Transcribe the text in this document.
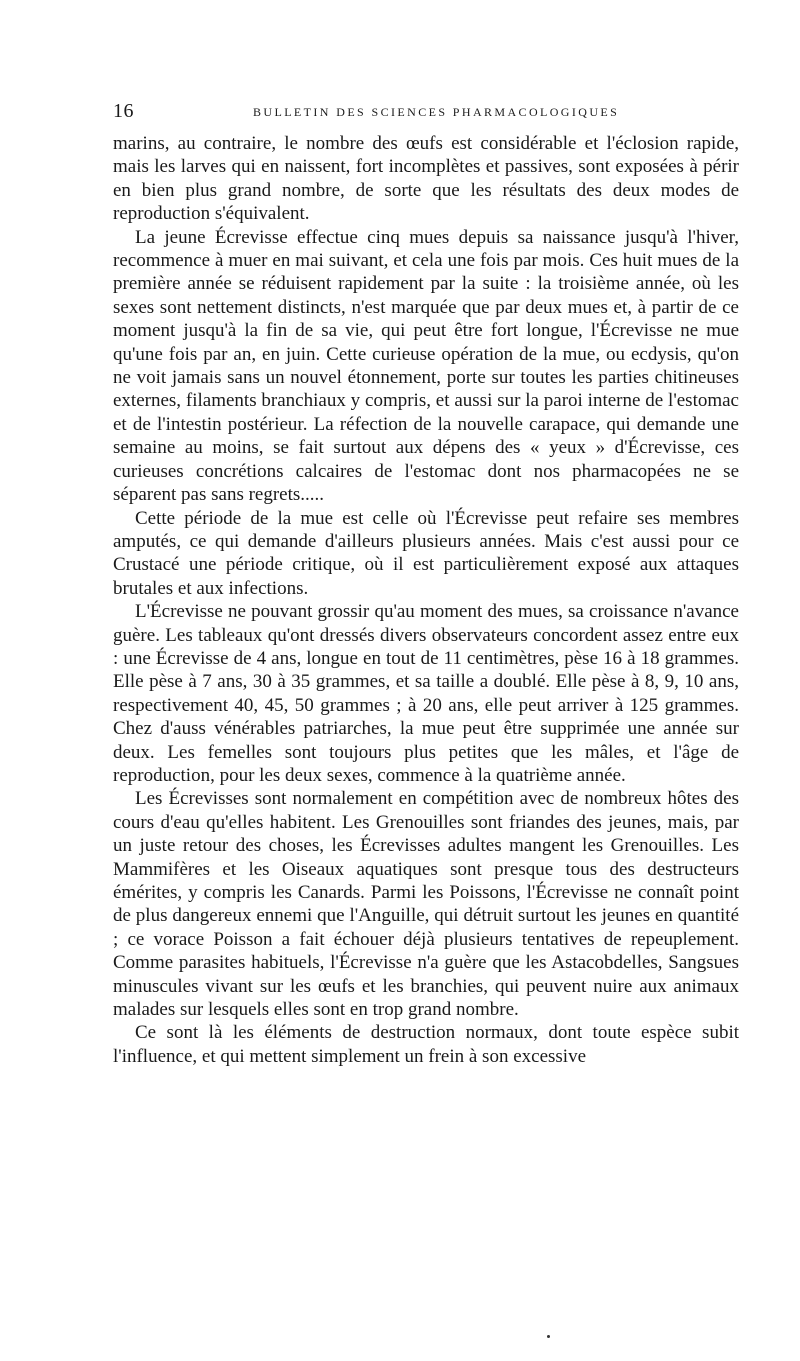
16	BULLETIN DES SCIENCES PHARMACOLOGIQUES

marins, au contraire, le nombre des œufs est considérable et l'éclosion rapide, mais les larves qui en naissent, fort incomplètes et passives, sont exposées à périr en bien plus grand nombre, de sorte que les résultats des deux modes de reproduction s'équivalent.

La jeune Écrevisse effectue cinq mues depuis sa naissance jusqu'à l'hiver, recommence à muer en mai suivant, et cela une fois par mois. Ces huit mues de la première année se réduisent rapidement par la suite : la troisième année, où les sexes sont nettement distincts, n'est marquée que par deux mues et, à partir de ce moment jusqu'à la fin de sa vie, qui peut être fort longue, l'Écrevisse ne mue qu'une fois par an, en juin. Cette curieuse opération de la mue, ou ecdysis, qu'on ne voit jamais sans un nouvel étonnement, porte sur toutes les parties chitineuses externes, filaments branchiaux y compris, et aussi sur la paroi interne de l'estomac et de l'intestin postérieur. La réfection de la nouvelle carapace, qui demande une semaine au moins, se fait surtout aux dépens des « yeux » d'Écrevisse, ces curieuses concrétions calcaires de l'estomac dont nos pharmacopées ne se séparent pas sans regrets.....

Cette période de la mue est celle où l'Écrevisse peut refaire ses membres amputés, ce qui demande d'ailleurs plusieurs années. Mais c'est aussi pour ce Crustacé une période critique, où il est particulièrement exposé aux attaques brutales et aux infections.

L'Écrevisse ne pouvant grossir qu'au moment des mues, sa croissance n'avance guère. Les tableaux qu'ont dressés divers observateurs concordent assez entre eux : une Écrevisse de 4 ans, longue en tout de 11 centimètres, pèse 16 à 18 grammes. Elle pèse à 7 ans, 30 à 35 grammes, et sa taille a doublé. Elle pèse à 8, 9, 10 ans, respectivement 40, 45, 50 grammes ; à 20 ans, elle peut arriver à 125 grammes. Chez d'auss vénérables patriarches, la mue peut être supprimée une année sur deux. Les femelles sont toujours plus petites que les mâles, et l'âge de reproduction, pour les deux sexes, commence à la quatrième année.

Les Écrevisses sont normalement en compétition avec de nombreux hôtes des cours d'eau qu'elles habitent. Les Grenouilles sont friandes des jeunes, mais, par un juste retour des choses, les Écrevisses adultes mangent les Grenouilles. Les Mammifères et les Oiseaux aquatiques sont presque tous des destructeurs émérites, y compris les Canards. Parmi les Poissons, l'Écrevisse ne connaît point de plus dangereux ennemi que l'Anguille, qui détruit surtout les jeunes en quantité ; ce vorace Poisson a fait échouer déjà plusieurs tentatives de repeuplement. Comme parasites habituels, l'Écrevisse n'a guère que les Astacobdelles, Sangsues minuscules vivant sur les œufs et les branchies, qui peuvent nuire aux animaux malades sur lesquels elles sont en trop grand nombre.

Ce sont là les éléments de destruction normaux, dont toute espèce subit l'influence, et qui mettent simplement un frein à son excessive
